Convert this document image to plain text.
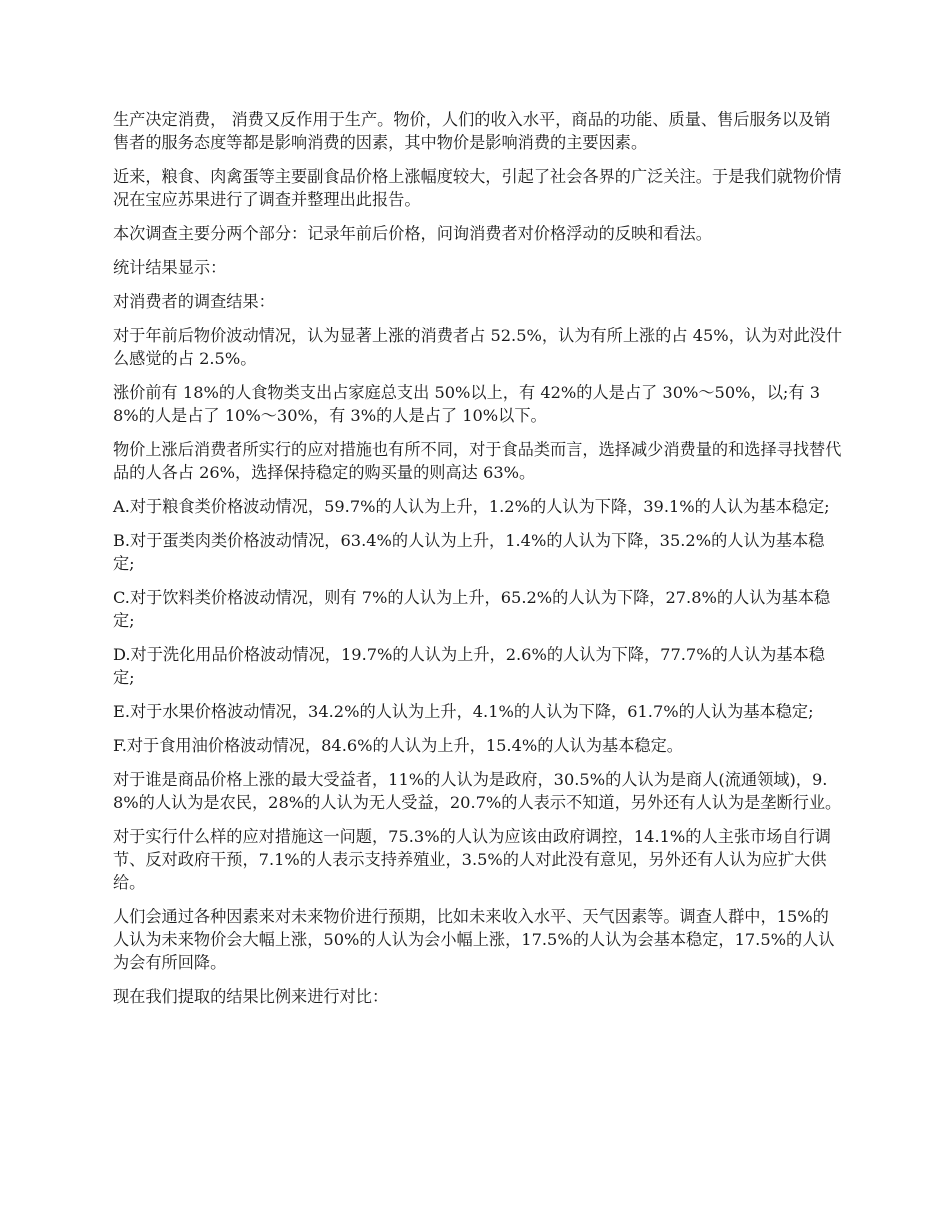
生产决定消费， 消费又反作用于生产。物价，人们的收入水平，商品的功能、质量、售后服务以及销售者的服务态度等都是影响消费的因素，其中物价是影响消费的主要因素。

近来，粮食、肉禽蛋等主要副食品价格上涨幅度较大，引起了社会各界的广泛关注。于是我们就物价情况在宝应苏果进行了调查并整理出此报告。

本次调查主要分两个部分：记录年前后价格，问询消费者对价格浮动的反映和看法。

统计结果显示：

对消费者的调查结果：

对于年前后物价波动情况，认为显著上涨的消费者占 52.5%，认为有所上涨的占 45%，认为对此没什么感觉的占 2.5%。

涨价前有 18%的人食物类支出占家庭总支出 50%以上，有 42%的人是占了 30%～50%，以;有 38%的人是占了 10%～30%，有 3%的人是占了 10%以下。

物价上涨后消费者所实行的应对措施也有所不同，对于食品类而言，选择减少消费量的和选择寻找替代品的人各占 26%，选择保持稳定的购买量的则高达 63%。

A.对于粮食类价格波动情况，59.7%的人认为上升，1.2%的人认为下降，39.1%的人认为基本稳定;

B.对于蛋类肉类价格波动情况，63.4%的人认为上升，1.4%的人认为下降，35.2%的人认为基本稳定;

C.对于饮料类价格波动情况，则有 7%的人认为上升，65.2%的人认为下降，27.8%的人认为基本稳定;

D.对于洗化用品价格波动情况，19.7%的人认为上升，2.6%的人认为下降，77.7%的人认为基本稳定;

E.对于水果价格波动情况，34.2%的人认为上升，4.1%的人认为下降，61.7%的人认为基本稳定;

F.对于食用油价格波动情况，84.6%的人认为上升，15.4%的人认为基本稳定。

对于谁是商品价格上涨的最大受益者，11%的人认为是政府，30.5%的人认为是商人(流通领域)，9.8%的人认为是农民，28%的人认为无人受益，20.7%的人表示不知道，另外还有人认为是垄断行业。

对于实行什么样的应对措施这一问题，75.3%的人认为应该由政府调控，14.1%的人主张市场自行调节、反对政府干预，7.1%的人表示支持养殖业，3.5%的人对此没有意见，另外还有人认为应扩大供给。

人们会通过各种因素来对未来物价进行预期，比如未来收入水平、天气因素等。调查人群中，15%的人认为未来物价会大幅上涨，50%的人认为会小幅上涨，17.5%的人认为会基本稳定，17.5%的人认为会有所回降。

现在我们提取的结果比例来进行对比：
